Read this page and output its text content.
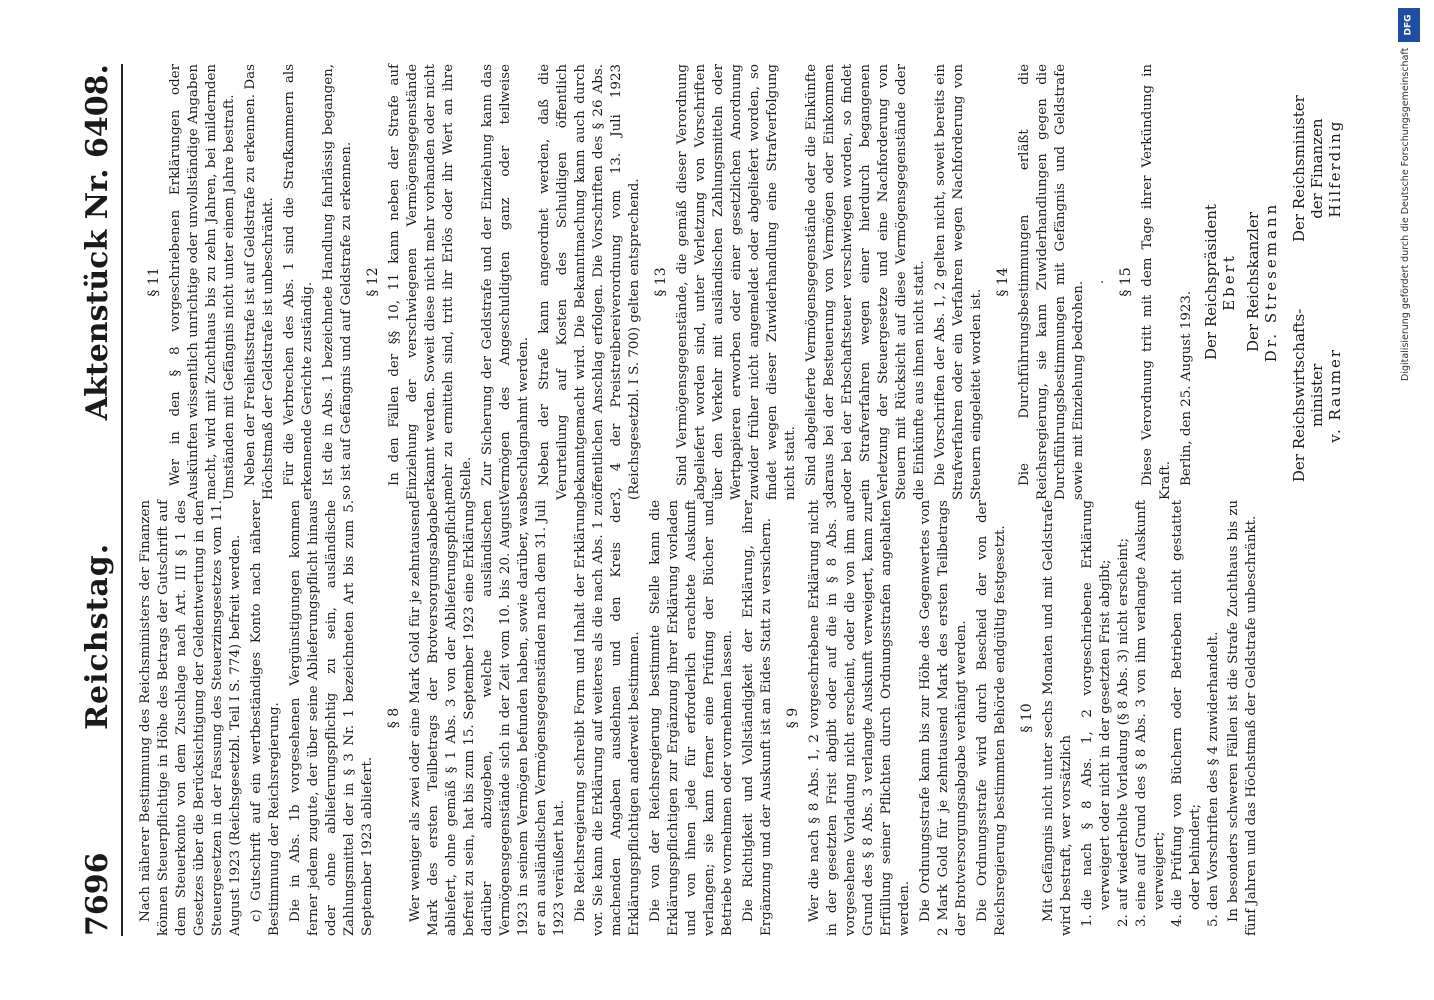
7696
Reichstag.
Aktenstück Nr. 6408.

Nach näherer Bestimmung des Reichsministers der Finanzen können Steuerpflichtige in Höhe des Betrags der Gutschrift auf dem Steuerkonto von dem Zuschlage nach Art. III § 1 des Gesetzes über die Berücksichtigung der Geldentwertung in den Steuergesetzen in der Fassung des Steuerzinsgesetzes vom 11. August 1923 (Reichsgesetzbl. Teil I S. 774) befreit werden. c) Gutschrift auf ein wertbeständiges Konto nach näherer Bestimmung der Reichsregierung. Die in Abs. 1b vorgesehenen Vergünstigungen kommen ferner jedem zugute, der über seine Ablieferungspflicht hinaus oder ohne ablieferungspflichtig zu sein, ausländische Zahlungsmittel der in § 3 Nr. 1 bezeichneten Art bis zum 5. September 1923 abliefert.

§ 8 Wer weniger als zwei oder eine Mark Gold für je zehntausend Mark des ersten Teilbetrags der Brotversorgungsabgabe abliefert, ohne gemäß § 1 Abs. 3 von der Ablieferungspflicht befreit zu sein, hat bis zum 15. September 1923 eine Erklärung darüber abzugeben, welche ausländischen Vermögensgegenstände sich in der Zeit vom 10. bis 20. August 1923 in seinem Vermögen befunden haben, sowie darüber, was er an ausländischen Vermögensgegenständen nach dem 31. Juli 1923 veräußert hat. Die Reichsregierung schreibt Form und Inhalt der Erklärung vor. Sie kann die Erklärung auf weiteres als die nach Abs. 1 zu machenden Angaben ausdehnen und den Kreis der Erklärungspflichtigen anderweit bestimmen. Die von der Reichsregierung bestimmte Stelle kann die Erklärungspflichtigen zur Ergänzung ihrer Erklärung vorladen und von ihnen jede für erforderlich erachtete Auskunft verlangen; sie kann ferner eine Prüfung der Bücher und Betriebe vornehmen oder vornehmen lassen. Die Richtigkeit und Vollständigkeit der Erklärung, ihrer Ergänzung und der Auskunft ist an Eides Statt zu versichern. § 9 Wer die nach § 8 Abs. 1, 2 vorgeschriebene Erklärung nicht in der gesetzten Frist abgibt oder auf die in § 8 Abs. 3 vorgesehene Vorladung nicht erscheint, oder die von ihm auf Grund des § 8 Abs. 3 verlangte Auskunft verweigert, kann zur Erfüllung seiner Pflichten durch Ordnungsstrafen angehalten werden. Die Ordnungsstrafe kann bis zur Höhe des Gegenwertes von 2 Mark Gold für je zehntausend Mark des ersten Teilbetrags der Brotversorgungsabgabe verhängt werden. Die Ordnungsstrafe wird durch Bescheid der von der Reichsregierung bestimmten Behörde endgültig festgesetzt. § 10 Mit Gefängnis nicht unter sechs Monaten und mit Geldstrafe wird bestraft, wer vorsätzlich 1. die nach § 8 Abs. 1, 2 vorgeschriebene Erklärung verweigert oder nicht in der gesetzten Frist abgibt; 2. auf wiederholte Vorladung (§ 8 Abs. 3) nicht erscheint; 3. eine auf Grund des § 8 Abs. 3 von ihm verlangte Auskunft verweigert; 4. die Prüfung von Büchern oder Betrieben nicht gestattet oder behindert; 5. den Vorschriften des § 4 zuwiderhandelt. In besonders schweren Fällen ist die Strafe Zuchthaus bis zu fünf Jahren und das Höchstmaß der Geldstrafe unbeschränkt.

§ 11 Wer in den § 8 vorgeschriebenen Erklärungen oder Auskünften wissentlich unrichtige oder unvollständige Angaben macht, wird mit Zuchthaus bis zu zehn Jahren, bei mildernden Umständen mit Gefängnis nicht unter einem Jahre bestraft. Neben der Freiheitsstrafe ist auf Geldstrafe zu erkennen. Das Höchstmaß der Geldstrafe ist unbeschränkt. Für die Verbrechen des Abs. 1 sind die Strafkammern als erkennende Gerichte zuständig. Ist die in Abs. 1 bezeichnete Handlung fahrlässig begangen, so ist auf Gefängnis und auf Geldstrafe zu erkennen. § 12 In den Fällen der §§ 10, 11 kann neben der Strafe auf Einziehung der verschwiegenen Vermögensgegenstände erkannt werden. Soweit diese nicht mehr vorhanden oder nicht mehr zu ermitteln sind, tritt ihr Erlös oder ihr Wert an ihre Stelle. Zur Sicherung der Geldstrafe und der Einziehung kann das Vermögen des Angeschuldigten ganz oder teilweise beschlagnahmt werden. Neben der Strafe kann angeordnet werden, daß die Verurteilung auf Kosten des Schuldigen öffentlich bekanntgemacht wird. Die Bekanntmachung kann auch durch öffentlichen Anschlag erfolgen. Die Vorschriften des § 26 Abs. 3, 4 der Preistreibereiverordnung vom 13. Juli 1923 (Reichsgesetzbl. I S. 700) gelten entsprechend. § 13 Sind Vermögensgegenstände, die gemäß dieser Verordnung abgeliefert worden sind, unter Verletzung von Vorschriften über den Verkehr mit ausländischen Zahlungsmitteln oder Wertpapieren erworben oder einer gesetzlichen Anordnung zuwider früher nicht angemeldet oder abgeliefert worden, so findet wegen dieser Zuwiderhandlung eine Strafverfolgung nicht statt. Sind abgelieferte Vermögensgegenstände oder die Einkünfte daraus bei der Besteuerung von Vermögen oder Einkommen oder bei der Erbschaftsteuer verschwiegen worden, so findet ein Strafverfahren wegen einer hierdurch begangenen Verletzung der Steuergesetze und eine Nachforderung von Steuern mit Rücksicht auf diese Vermögensgegenstände oder die Einkünfte aus ihnen nicht statt. Die Vorschriften der Abs. 1, 2 gelten nicht, soweit bereits ein Strafverfahren oder ein Verfahren wegen Nachforderung von Steuern eingeleitet worden ist.

§ 14 Die Durchführungsbestimmungen erläßt die Reichsregierung, sie kann Zuwiderhandlungen gegen die Durchführungsbestimmungen mit Gefängnis und Geldstrafe sowie mit Einziehung bedrohen. . § 15 Diese Verordnung tritt mit dem Tage ihrer Verkündung in Kraft. Berlin, den 25. August 1923.

Der Reichspräsident Ebert Der Reichskanzler Dr. Stresemann
Der Reichswirtschafts- minister v. Raumer
Der Reichsminister der Finanzen Hilferding
DFG
Digitalisierung gefördert durch die Deutsche Forschungsgemeinschaft
